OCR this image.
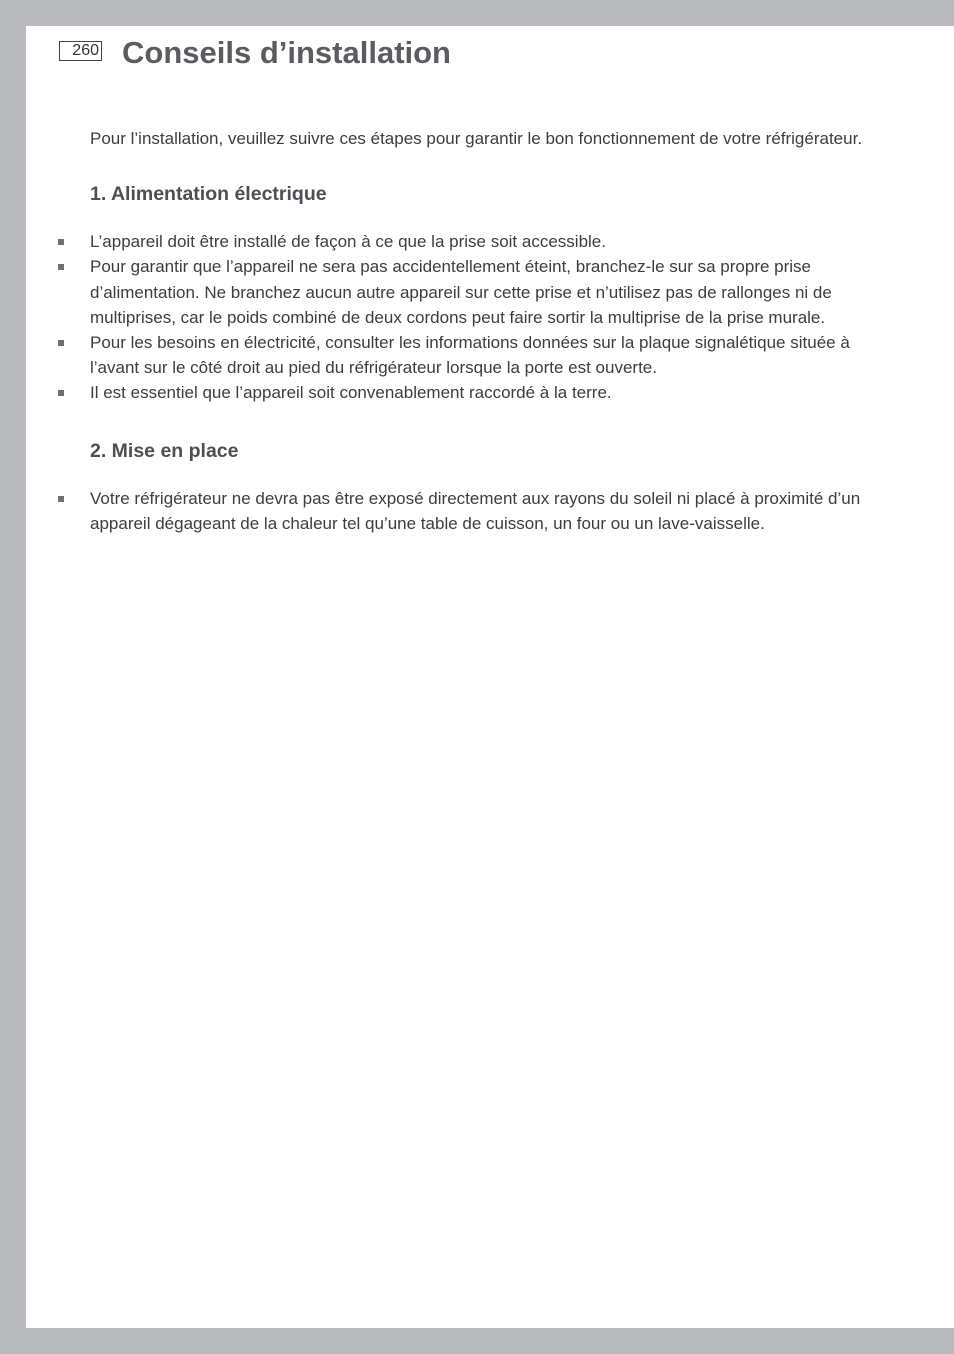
260 Conseils d’installation

Pour l’installation, veuillez suivre ces étapes pour garantir le bon fonctionnement de votre réfrigérateur.

1. Alimentation électrique
L’appareil doit être installé de façon à ce que la prise soit accessible.
Pour garantir que l’appareil ne sera pas accidentellement éteint, branchez-le sur sa propre prise d’alimentation. Ne branchez aucun autre appareil sur cette prise et n’utilisez pas de rallonges ni de multiprises, car le poids combiné de deux cordons peut faire sortir la multiprise de la prise murale.
Pour les besoins en électricité, consulter les informations données sur la plaque signalétique située à l’avant sur le côté droit au pied du réfrigérateur lorsque la porte est ouverte.
Il est essentiel que l’appareil soit convenablement raccordé à la terre.
2. Mise en place
Votre réfrigérateur ne devra pas être exposé directement aux rayons du soleil ni placé à proximité d’un appareil dégageant de la chaleur tel qu’une table de cuisson, un four ou un lave-vaisselle.
